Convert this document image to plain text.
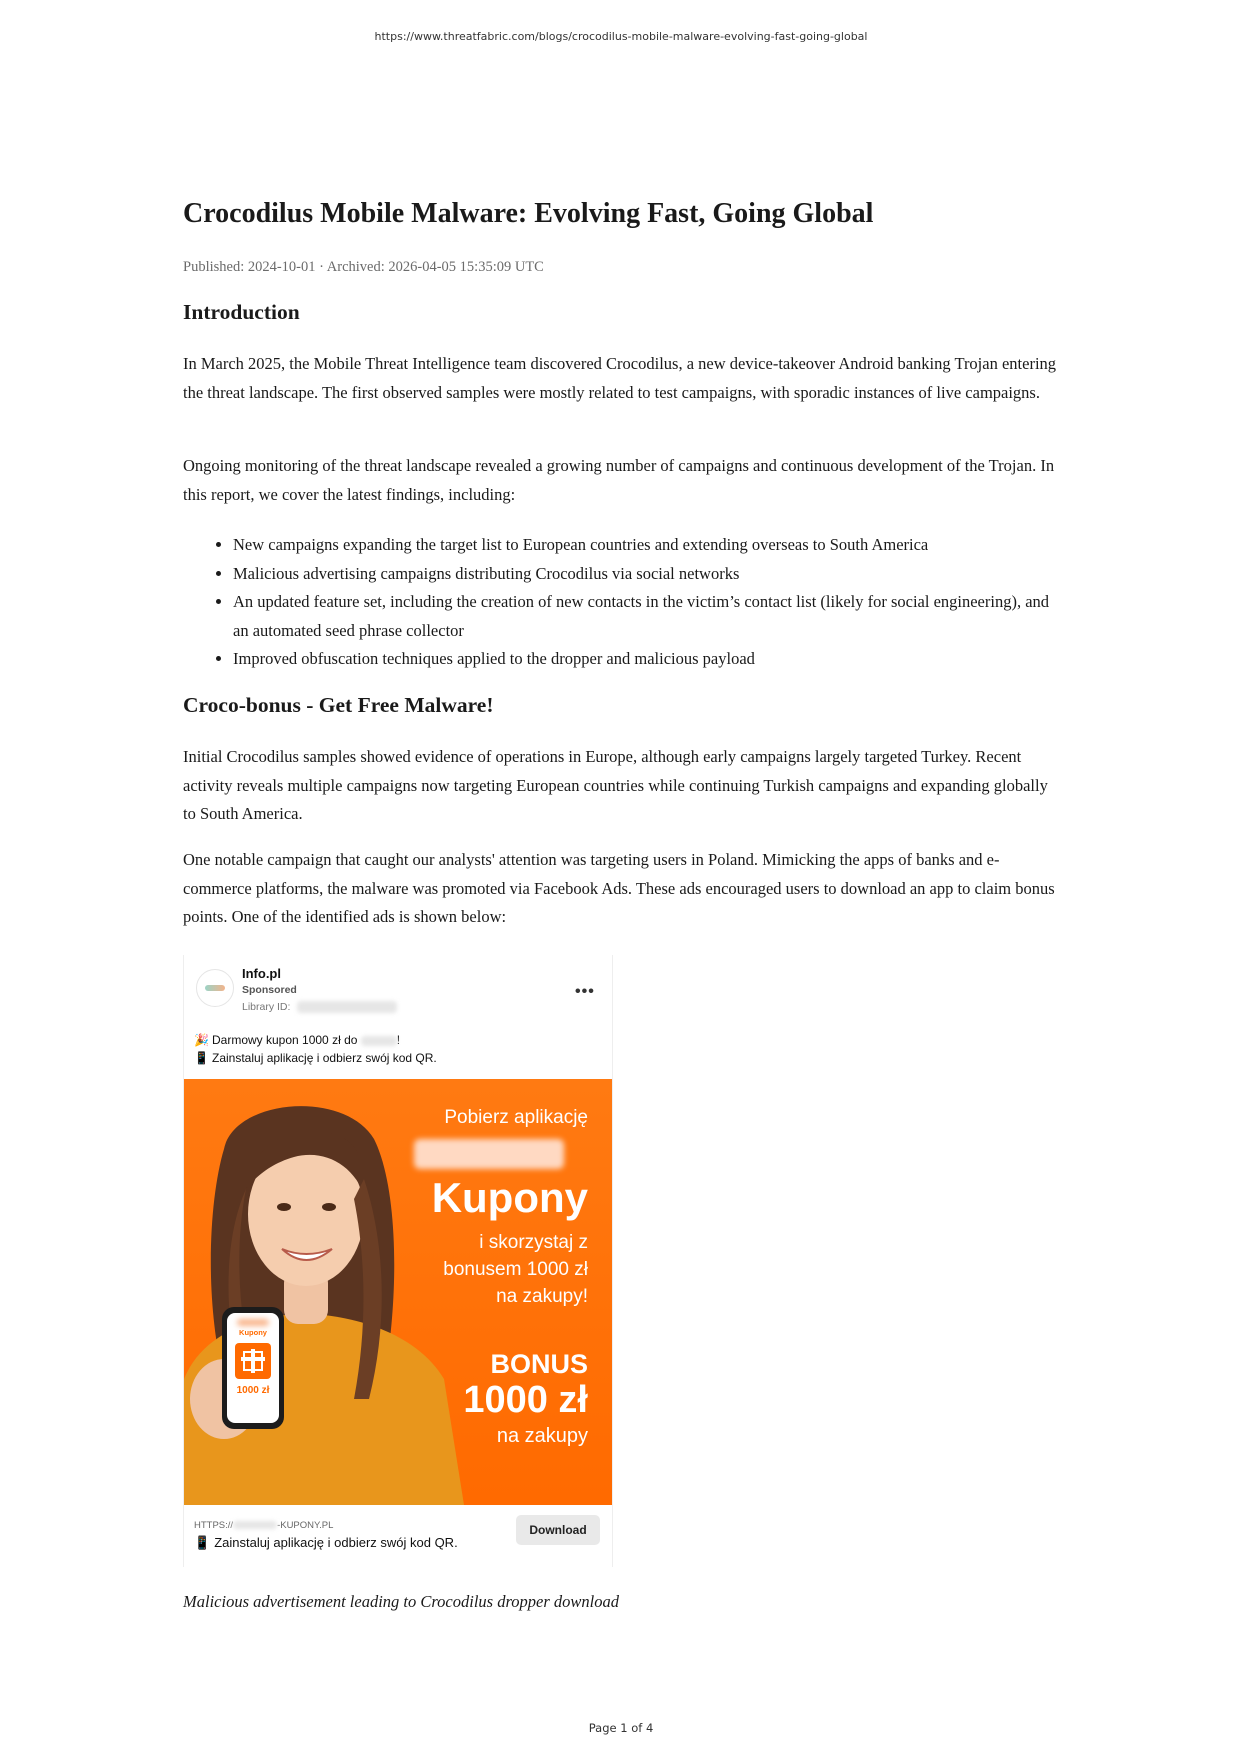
https://www.threatfabric.com/blogs/crocodilus-mobile-malware-evolving-fast-going-global
Crocodilus Mobile Malware: Evolving Fast, Going Global
Published: 2024-10-01 · Archived: 2026-04-05 15:35:09 UTC
Introduction

In March 2025, the Mobile Threat Intelligence team discovered Crocodilus, a new device-takeover Android banking Trojan entering the threat landscape. The first observed samples were mostly related to test campaigns, with sporadic instances of live campaigns.

Ongoing monitoring of the threat landscape revealed a growing number of campaigns and continuous development of the Trojan. In this report, we cover the latest findings, including:

• New campaigns expanding the target list to European countries and extending overseas to South America
• Malicious advertising campaigns distributing Crocodilus via social networks
• An updated feature set, including the creation of new contacts in the victim’s contact list (likely for social engineering), and an automated seed phrase collector
• Improved obfuscation techniques applied to the dropper and malicious payload
Croco-bonus - Get Free Malware!

Initial Crocodilus samples showed evidence of operations in Europe, although early campaigns largely targeted Turkey. Recent activity reveals multiple campaigns now targeting European countries while continuing Turkish campaigns and expanding globally to South America.

One notable campaign that caught our analysts' attention was targeting users in Poland. Mimicking the apps of banks and e-commerce platforms, the malware was promoted via Facebook Ads. These ads encouraged users to download an app to claim bonus points. One of the identified ads is shown below:

Malicious advertisement leading to Crocodilus dropper download
Info.pl
Sponsored
Library ID:
•••
🎉 Darmowy kupon 1000 zł do	!
📱 Zainstaluj aplikację i odbierz swój kod QR.
Kupony
1000 zł
Pobierz aplikację
Kupony
i skorzystaj z
bonusem 1000 zł
na zakupy!
BONUS
1000 zł
na zakupy
HTTPS://	-KUPONY.PL
📱 Zainstaluj aplikację i odbierz swój kod QR.
Download
Page 1 of 4
